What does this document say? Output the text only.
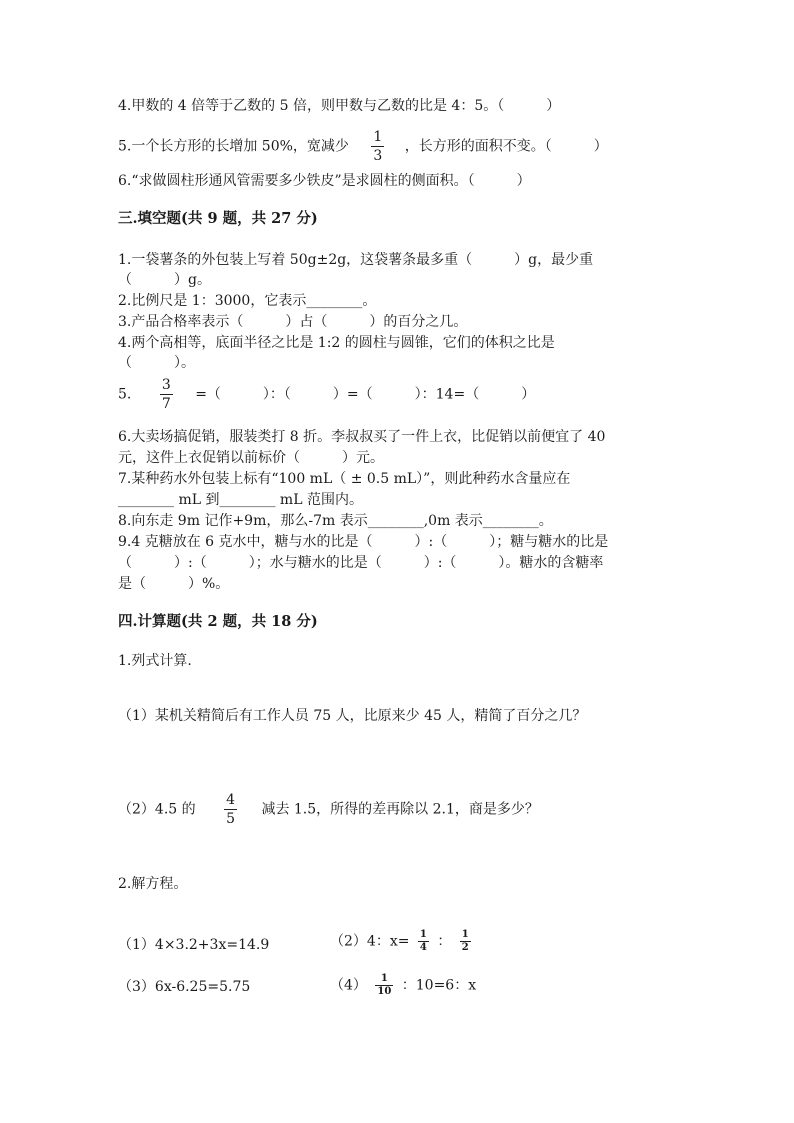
4.甲数的 4 倍等于乙数的 5 倍，则甲数与乙数的比是 4：5。（　　　）
5.一个长方形的长增加 50%，宽减少 $\frac{1}{3}$ ，长方形的面积不变。（　　　）
6.“求做圆柱形通风管需要多少铁皮”是求圆柱的侧面积。（　　　）
三.填空题(共 9 题，共 27 分)
1.一袋薯条的外包装上写着 50g±2g，这袋薯条最多重（　　　）g，最少重
（　　　）g。
2.比例尺是 1：3000，它表示________。
3.产品合格率表示（　　　）占（　　　）的百分之几。
4.两个高相等，底面半径之比是 1:2 的圆柱与圆锥，它们的体积之比是
（　　　）。
5. $\frac{3}{7}$ =（　　　）：（　　　）=（　　　）：14=（　　　）
6.大卖场搞促销，服装类打 8 折。李叔叔买了一件上衣，比促销以前便宜了 40
元，这件上衣促销以前标价（　　　）元。
7.某种药水外包装上标有“100 mL（ ± 0.5 mL）”，则此种药水含量应在
________ mL 到________ mL 范围内。
8.向东走 9m 记作+9m，那么-7m 表示________,0m 表示________。
9.4 克糖放在 6 克水中，糖与水的比是（　　　）:（　　　）；糖与糖水的比是
（　　　）:（　　　）；水与糖水的比是（　　　）:（　　　）。糖水的含糖率
是（　　　）%。
四.计算题(共 2 题，共 18 分)
1.列式计算.
（1）某机关精简后有工作人员 75 人，比原来少 45 人，精简了百分之几？
（2）4.5 的 $\frac{4}{5}$ 减去 1.5，所得的差再除以 2.1，商是多少？
2.解方程。
（1）4×3.2+3x=14.9	（2）4：$x= \frac{1}{4}$ ： $\frac{1}{2}$
（3）6x-6.25=5.75	$(4) \frac{1}{10}$ ：10=6：x
